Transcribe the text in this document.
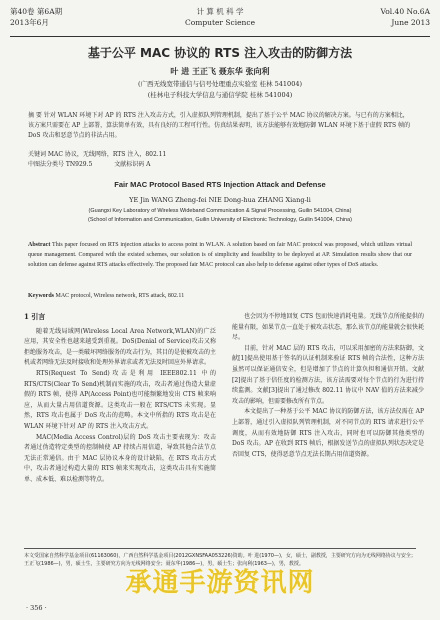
第40卷 第6A期
2013年6月
计 算 机 科 学
Computer Science
Vol.40 No.6A
June 2013
基于公平 MAC 协议的 RTS 注入攻击的防御方法
叶 进 王正飞 聂东华 张向利
(广西无线宽带通信与信号处理重点实验室 桂林 541004)
(桂林电子科技大学信息与通信学院 桂林 541004)
摘 要 针对 WLAN 环境下对 AP 的 RTS 注入攻击方式，引入虚拟队列管理机制，提出了基于公平 MAC 协议的解决方案。与已有的方案相比，该方案只需要在 AP 上部署，算法简单有效，具有良好的工程可行性。仿真结果表明，该方法能够有效地防御 WLAN 环境下基于虚假 RTS 帧的 DoS 攻击和恶意节点的非法占用。
关键词 MAC 协议，无线网络，RTS 注入，802.11
中图法分类号 TN929.5	文献标识码 A
Fair MAC Protocol Based RTS Injection Attack and Defense
YE Jin WANG Zheng-fei NIE Dong-hua ZHANG Xiang-li
(Guangxi Key Laboratory of Wireless Wideband Communication & Signal Processing, Guilin 541004, China)
(School of Information and Communication, Guilin University of Electronic Technology, Guilin 541004, China)
Abstract This paper focused on RTS injection attacks to access point in WLAN. A solution based on fair MAC protocol was proposed, which utilizes virtual queue management. Compared with the existed schemes, our solution is of simplicity and feasibility to be deployed at AP. Simulation results show that our solution can defense against RTS attacks effectively. The proposed fair MAC protocol can also help to defense against other types of DoS attacks.
Keywords MAC protocol, Wireless network, RTS attack, 802.11
1 引言

随着无线局域网(Wireless Local Area Network,WLAN)的广泛应用，其安全性也越来越受到重视。DoS(Denial of Service)攻击又称拒绝服务攻击，是一类破坏网络服务的攻击行为，其目的是使被攻击的主机或者网络无法及时接收和处理外界请求或者无法及时回应外界请求。

RTS(Request To Send)攻击是利用 IEEE802.11 中的 RTS/CTS(Clear To Send)机制而实施的攻击，攻击者通过伪造大量虚假的 RTS 帧，使得 AP(Access Point)也可能频繁地发出 CTS 帧来响应，从而大量占用信道资源。这类攻击一般在 RTS/CTS 未实现。显然，RTS 攻击也属于 DoS 攻击的范畴。本文中所指的 RTS 攻击是在 WLAN 环境下针对 AP 的 RTS 注入攻击方式。

MAC(Media Access Control)层的 DoS 攻击主要表现为：攻击者通过伪造特定类型的控制帧使 AP 持续占用信道，导致其他合法节点无法正常通信。由于 MAC 层协议本身的设计缺陷，在 RTS 攻击方式中，攻击者通过构造大量的 RTS 帧来实现攻击，这类攻击具有实施简单、成本低、难以检测等特点。

也会因为不停地回复 CTS 包而快速消耗电量。无线节点所能提供的能量有限，如果节点一直处于被攻击状态，那么该节点的能量就会很快耗尽。

目前，针对 MAC 层的 RTS 攻击，可以采用加密的方法来防御，文献[1]提出使用基于签名的认证机制来验证 RTS 帧的合法性，这种方法虽然可以保证通信安全，但是增加了节点的计算负担和通信开销。文献[2]提出了基于信任度的检测方法，该方法需要对每个节点的行为进行持续监测。文献[3]提出了通过修改 802.11 协议中 NAV 值的方法来减少攻击的影响，但需要修改所有节点。

本文提出了一种基于公平 MAC 协议的防御方法，该方法仅需在 AP 上部署，通过引入虚拟队列管理机制，对不同节点的 RTS 请求进行公平调度，从而有效地防御 RTS 注入攻击，同时也可以防御其他类型的 DoS 攻击。AP 在收到 RTS 帧后，根据发送节点的虚拟队列状态决定是否回复 CTS，使得恶意节点无法长期占用信道资源。

本文受国家自然科学基金项目(61163060)，广西自然科学基金项目(2012GXNSFAA053226)资助。叶 进(1970—)，女，硕士，副教授，主要研究方向为无线网络协议与安全；王正飞(1986—)，男，硕士生，主要研究方向为无线网络安全；聂东华(1986—)，男，硕士生；张向利(1963—)，男，教授。
承通手游资讯网
· 356 ·
